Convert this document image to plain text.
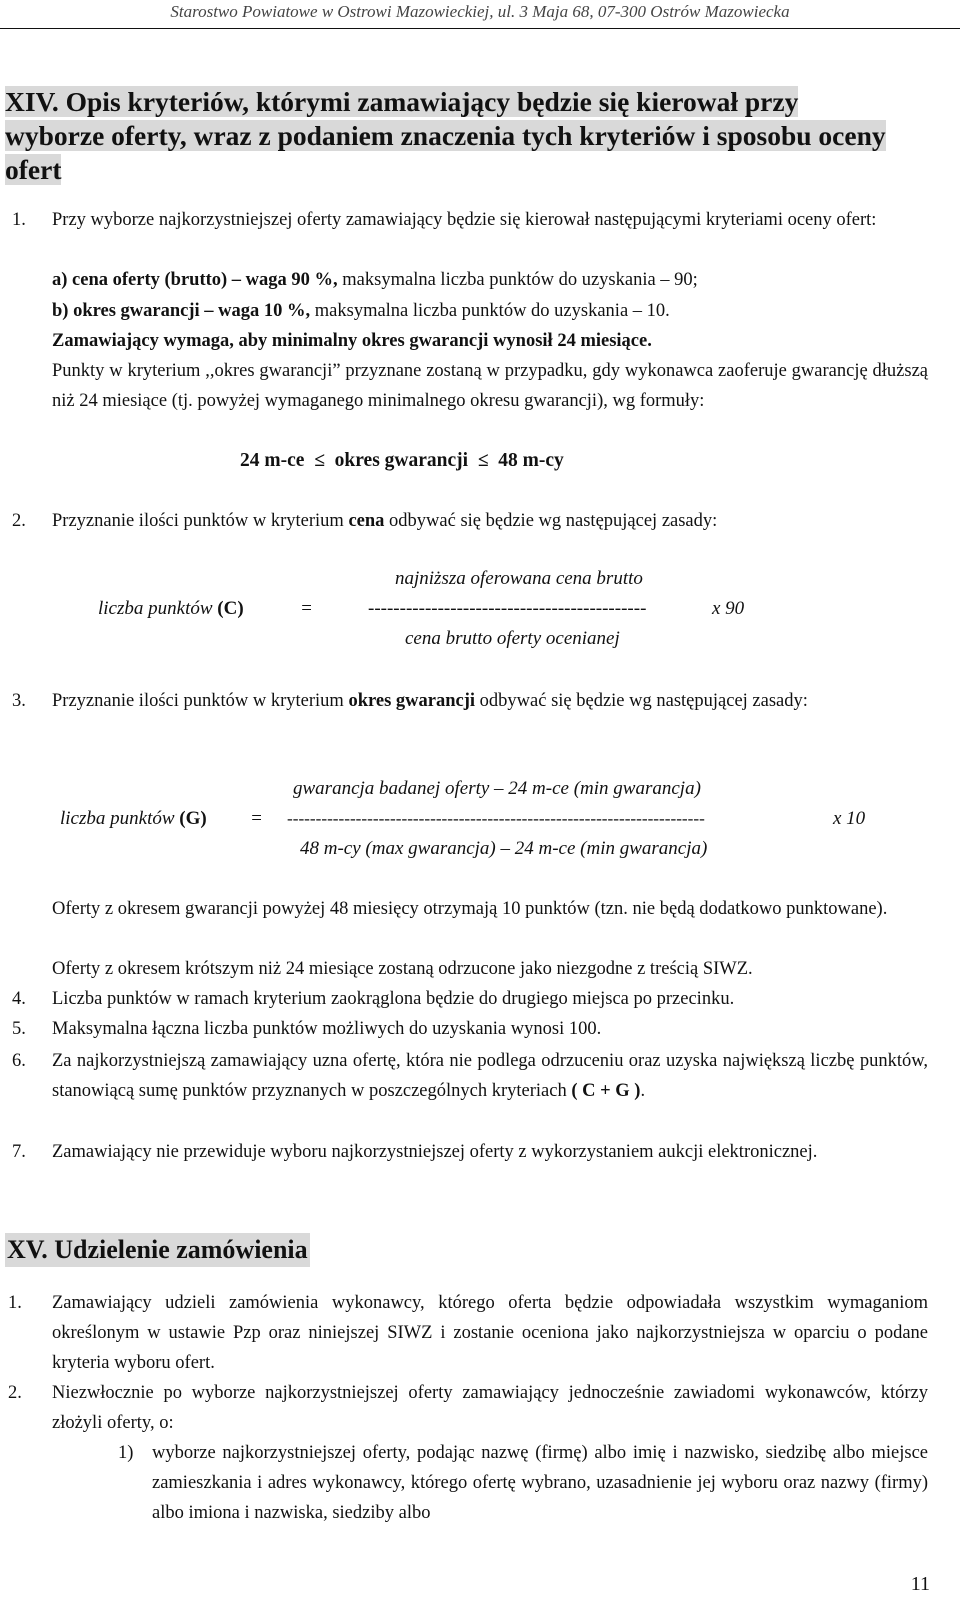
Starostwo Powiatowe w Ostrowi Mazowieckiej, ul. 3 Maja 68, 07-300 Ostrów Mazowiecka
XIV. Opis kryteriów, którymi zamawiający będzie się kierował przy
wyborze oferty, wraz z podaniem znaczenia tych kryteriów i sposobu oceny
ofert
1. Przy wyborze najkorzystniejszej oferty zamawiający będzie się kierował następującymi kryteriami oceny ofert:
a) cena oferty (brutto) – waga 90 %, maksymalna liczba punktów do uzyskania – 90;
b) okres gwarancji – waga 10 %, maksymalna liczba punktów do uzyskania – 10.
Zamawiający wymaga, aby minimalny okres gwarancji wynosił 24 miesiące.
Punkty w kryterium ,,okres gwarancji” przyznane zostaną w przypadku, gdy wykonawca zaoferuje gwarancję dłuższą niż 24 miesiące (tj. powyżej wymaganego minimalnego okresu gwarancji), wg formuły:
24 m-ce ≤ okres gwarancji ≤ 48 m-cy
2. Przyznanie ilości punktów w kryterium cena odbywać się będzie wg następującej zasady:
najniższa oferowana cena brutto
liczba punktów (C)	=	--------------------------------------------	x 90
cena brutto oferty ocenianej
3. Przyznanie ilości punktów w kryterium okres gwarancji odbywać się będzie wg następującej zasady:
gwarancja badanej oferty – 24 m-ce (min gwarancja)
liczba punktów (G) = -------------------------------------------------------------------------	x 10
48 m-cy (max gwarancja) – 24 m-ce (min gwarancja)
Oferty z okresem gwarancji powyżej 48 miesięcy otrzymają 10 punktów (tzn. nie będą dodatkowo punktowane).
Oferty z okresem krótszym niż 24 miesiące zostaną odrzucone jako niezgodne z treścią SIWZ.
4. Liczba punktów w ramach kryterium zaokrąglona będzie do drugiego miejsca po przecinku.
5. Maksymalna łączna liczba punktów możliwych do uzyskania wynosi 100.
6. Za najkorzystniejszą zamawiający uzna ofertę, która nie podlega odrzuceniu oraz uzyska największą liczbę punktów, stanowiącą sumę punktów przyznanych w poszczególnych kryteriach ( C + G ).
7. Zamawiający nie przewiduje wyboru najkorzystniejszej oferty z wykorzystaniem aukcji elektronicznej.
XV. Udzielenie zamówienia
1. Zamawiający udzieli zamówienia wykonawcy, którego oferta będzie odpowiadała wszystkim wymaganiom określonym w ustawie Pzp oraz niniejszej SIWZ i zostanie oceniona jako najkorzystniejsza w oparciu o podane kryteria wyboru ofert.
2. Niezwłocznie po wyborze najkorzystniejszej oferty zamawiający jednocześnie zawiadomi wykonawców, którzy złożyli oferty, o:
1) wyborze najkorzystniejszej oferty, podając nazwę (firmę) albo imię i nazwisko, siedzibę albo miejsce zamieszkania i adres wykonawcy, którego ofertę wybrano, uzasadnienie jej wyboru oraz nazwy (firmy) albo imiona i nazwiska, siedziby albo
11
